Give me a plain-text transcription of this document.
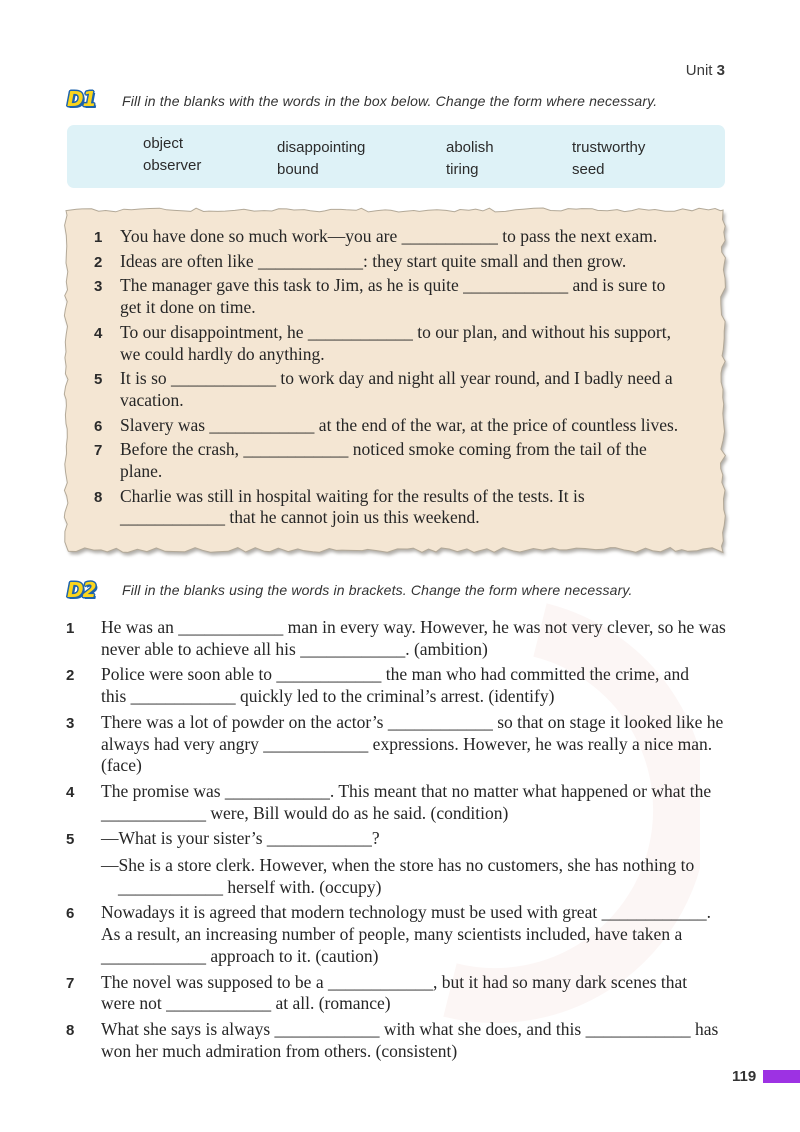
Unit 3
D1 Fill in the blanks with the words in the box below. Change the form where necessary.
object
observer
disappointing
bound
abolish
tiring
trustworthy
seed
1 You have done so much work—you are ___________ to pass the next exam.
2 Ideas are often like ____________: they start quite small and then grow.
3 The manager gave this task to Jim, as he is quite ____________ and is sure to
get it done on time.
4 To our disappointment, he ____________ to our plan, and without his support,
we could hardly do anything.
5 It is so ____________ to work day and night all year round, and I badly need a
vacation.
6 Slavery was ____________ at the end of the war, at the price of countless lives.
7 Before the crash, ____________ noticed smoke coming from the tail of the
plane.
8 Charlie was still in hospital waiting for the results of the tests. It is
____________ that he cannot join us this weekend.
D2 Fill in the blanks using the words in brackets. Change the form where necessary.
1 He was an ____________ man in every way. However, he was not very clever, so he was
never able to achieve all his ____________. (ambition)
2 Police were soon able to ____________ the man who had committed the crime, and
this ____________ quickly led to the criminal’s arrest. (identify)
3 There was a lot of powder on the actor’s ____________ so that on stage it looked like he
always had very angry ____________ expressions. However, he was really a nice man.
(face)
4 The promise was ____________. This meant that no matter what happened or what the
____________ were, Bill would do as he said. (condition)
5 —What is your sister’s ____________?
—She is a store clerk. However, when the store has no customers, she has nothing to
____________ herself with. (occupy)
6 Nowadays it is agreed that modern technology must be used with great ____________.
As a result, an increasing number of people, many scientists included, have taken a
____________ approach to it. (caution)
7 The novel was supposed to be a ____________, but it had so many dark scenes that
were not ____________ at all. (romance)
8 What she says is always ____________ with what she does, and this ____________ has
won her much admiration from others. (consistent)
119
